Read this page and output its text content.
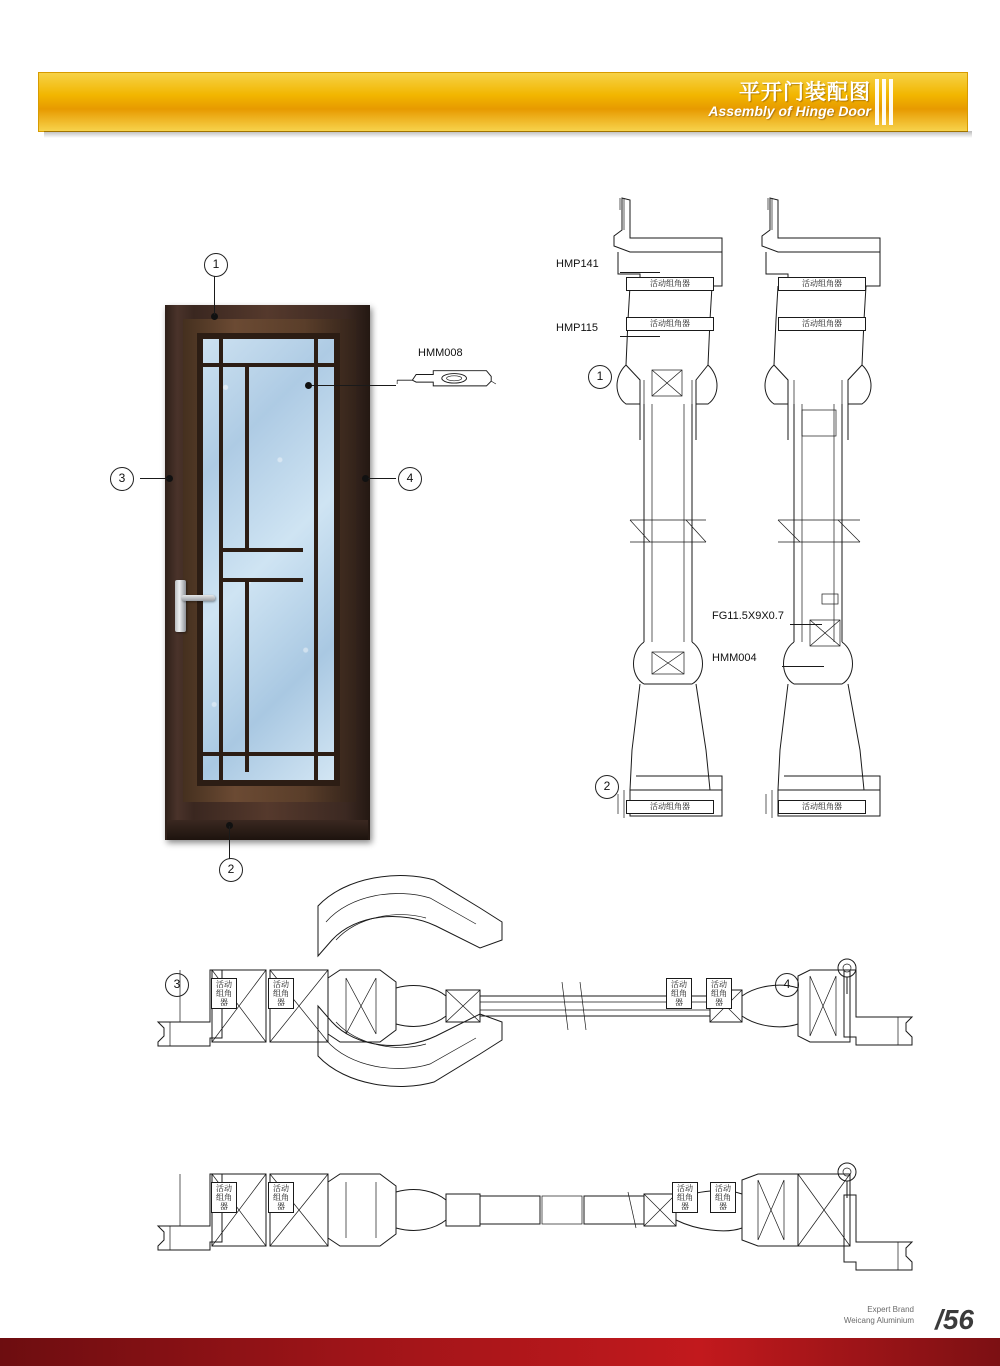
平开门装配图
Assembly of Hinge Door
1
2
3	4
HMM008
HMP141
HMP115
1
2
活动组角器
活动组角器
活动组角器
活动组角器
活动组角器	活动组角器
FG11.5X9X0.7
HMM004
3	4
活动组角器
活动组角器
活动组角器
活动组角器
活动组角器
活动组角器
活动组角器
活动组角器
Expert Brand
Weicang Aluminium /56
